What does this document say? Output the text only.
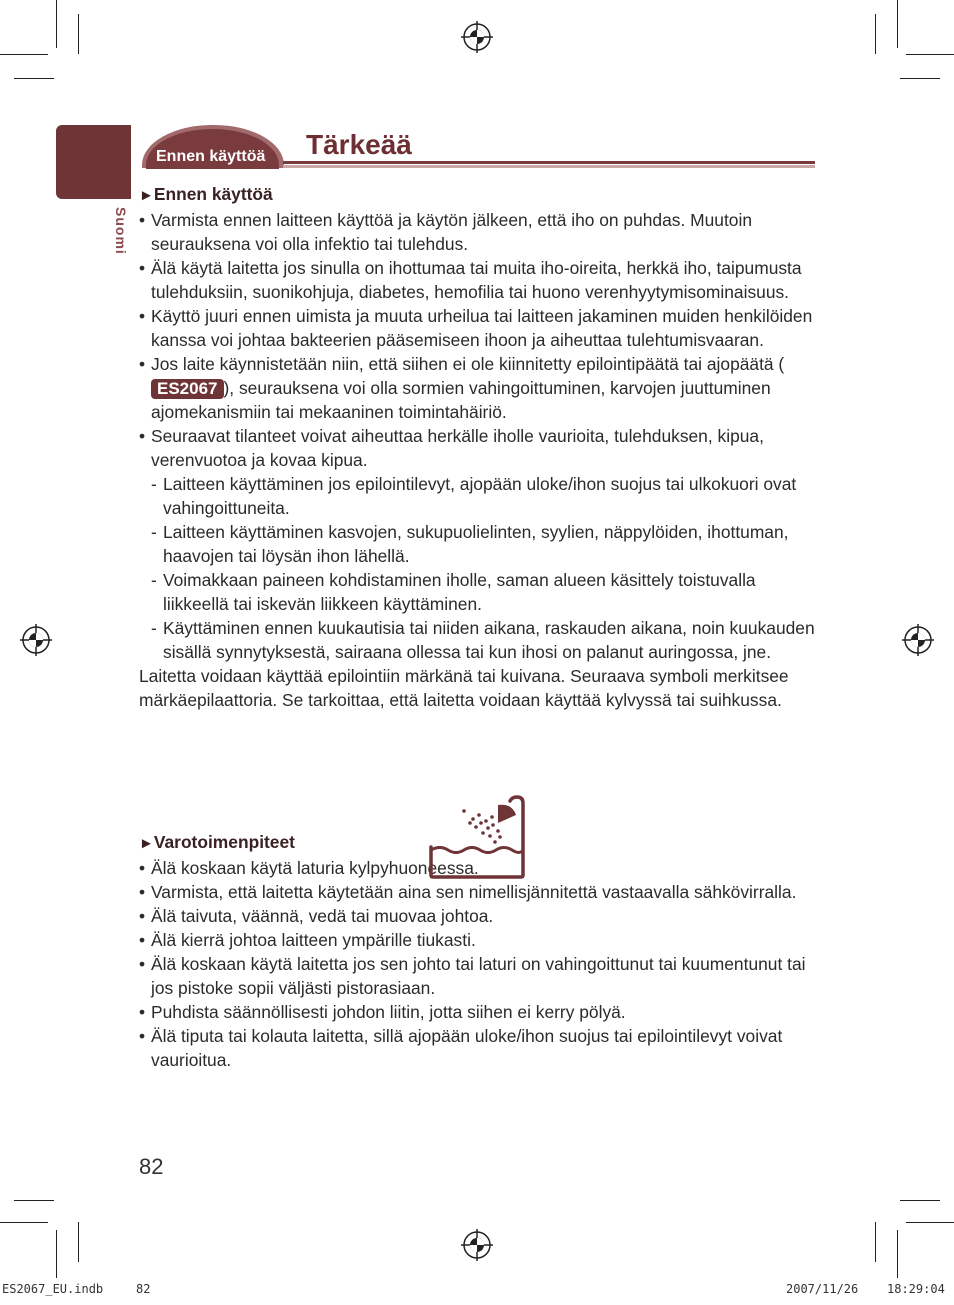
Suomi
Ennen käyttöä Tärkeää
►Ennen käyttöä
• Varmista ennen laitteen käyttöä ja käytön jälkeen, että iho on puhdas. Muutoin seurauksena voi olla infektio tai tulehdus.
• Älä käytä laitetta jos sinulla on ihottumaa tai muita iho-oireita, herkkä iho, taipumusta tulehduksiin, suonikohjuja, diabetes, hemofilia tai huono verenhyytymisominaisuus.
• Käyttö juuri ennen uimista ja muuta urheilua tai laitteen jakaminen muiden henkilöiden kanssa voi johtaa bakteerien pääsemiseen ihoon ja aiheuttaa tulehtumisvaaran.
• Jos laite käynnistetään niin, että siihen ei ole kiinnitetty epilointipäätä tai ajopäätä (ES2067 ), seurauksena voi olla sormien vahingoittuminen, karvojen juuttuminen ajomekanismiin tai mekaaninen toimintahäiriö.
• Seuraavat tilanteet voivat aiheuttaa herkälle iholle vaurioita, tulehduksen, kipua, verenvuotoa ja kovaa kipua.
- Laitteen käyttäminen jos epilointilevyt, ajopään uloke/ihon suojus tai ulkokuori ovat vahingoittuneita.
- Laitteen käyttäminen kasvojen, sukupuolielinten, syylien, näppylöiden, ihottuman, haavojen tai löysän ihon lähellä.
- Voimakkaan paineen kohdistaminen iholle, saman alueen käsittely toistuvalla liikkeellä tai iskevän liikkeen käyttäminen.
- Käyttäminen ennen kuukautisia tai niiden aikana, raskauden aikana, noin kuukauden sisällä synnytyksestä, sairaana ollessa tai kun ihosi on palanut auringossa, jne.
Laitetta voidaan käyttää epilointiin märkänä tai kuivana. Seuraava symboli merkitsee märkäepilaattoria. Se tarkoittaa, että laitetta voidaan käyttää kylvyssä tai suihkussa.
►Varotoimenpiteet
• Älä koskaan käytä laturia kylpyhuoneessa.
• Varmista, että laitetta käytetään aina sen nimellisjännitettä vastaavalla sähkövirralla.
• Älä taivuta, väännä, vedä tai muovaa johtoa.
• Älä kierrä johtoa laitteen ympärille tiukasti.
• Älä koskaan käytä laitetta jos sen johto tai laturi on vahingoittunut tai kuumentunut tai jos pistoke sopii väljästi pistorasiaan.
• Puhdista säännöllisesti johdon liitin, jotta siihen ei kerry pölyä.
• Älä tiputa tai kolauta laitetta, sillä ajopään uloke/ihon suojus tai epilointilevyt voivat vaurioitua.
82
ES2067_EU.indb	82	2007/11/26 18:29:04
